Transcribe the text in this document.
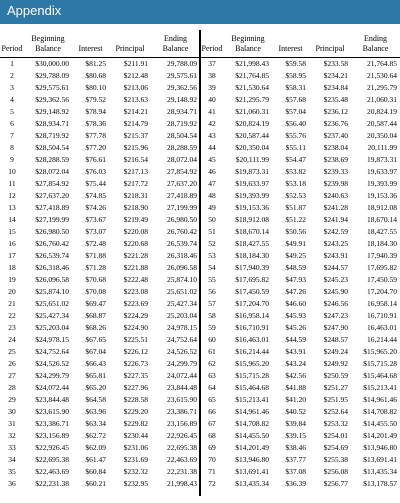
Appendix
Period	Beginning Balance	Interest	Principal	Ending Balance
1	$30,000.00	$81.25	$211.91	29,788.09
2	$29,788.09	$80.68	$212.48	29,575.61
3	$29,575.61	$80.10	$213.06	29,362.56
4	$29,362.56	$79.52	$213.63	29,148.92
5	$29,148.92	$78.94	$214.21	28,934.71
6	$28,934.71	$78.36	$214.79	28,719.92
7	$28,719.92	$77.78	$215.37	28,504.54
8	$28,504.54	$77.20	$215.96	28,288.59
9	$28,288.59	$76.61	$216.54	28,072.04
10	$28,072.04	$76.03	$217.13	27,854.92
11	$27,854.92	$75.44	$217.72	27,637.20
12	$27,637.20	$74.85	$218.31	27,418.89
13	$27,418.89	$74.26	$218.90	27,199.99
14	$27,199.99	$73.67	$219.49	26,980.50
15	$26,980.50	$73.07	$220.08	26,760.42
16	$26,760.42	$72.48	$220.68	26,539.74
17	$26,539.74	$71.88	$221.28	26,318.46
18	$26,318.46	$71.28	$221.88	26,096.58
19	$26,096.58	$70.68	$222.48	25,874.10
20	$25,874.10	$70.08	$223.08	25,651.02
21	$25,651.02	$69.47	$223.69	25,427.34
22	$25,427.34	$68.87	$224.29	25,203.04
23	$25,203.04	$68.26	$224.90	24,978.15
24	$24,978.15	$67.65	$225.51	24,752.64
25	$24,752.64	$67.04	$226.12	24,526.52
26	$24,526.52	$66.43	$226.73	24,299.79
27	$24,299.79	$65.81	$227.35	24,072.44
28	$24,072.44	$65.20	$227.96	23,844.48
29	$23,844.48	$64.58	$228.58	23,615.90
30	$23,615.90	$63.96	$229.20	23,386.71
31	$23,386.71	$63.34	$229.82	23,156.89
32	$23,156.89	$62.72	$230.44	22,926.45
33	$22,926.45	$62.09	$231.06	22,695.38
34	$22,695.38	$61.47	$231.69	22,463.69
35	$22,463.69	$60.84	$232.32	22,231.38
36	$22,231.38	$60.21	$232.95	21,998.43
Period	Beginning Balance	Interest	Principal	Ending Balance
37	$21,998.43	$59.58	$233.58	21,764.85
38	$21,764.85	$58.95	$234.21	21,530.64
39	$21,530.64	$58.31	$234.84	21,295.79
40	$21,295.79	$57.68	$235.48	21,060.31
41	$21,060.31	$57.04	$236.12	20,824.19
42	$20,824.19	$56.40	$236.76	20,587.44
43	$20,587.44	$55.76	$237.40	20,350.04
44	$20,350.04	$55.11	$238.04	20,111.99
45	$20,111.99	$54.47	$238.69	19,873.31
46	$19,873.31	$53.82	$239.33	19,633.97
47	$19,633.97	$53.18	$239.98	19,393.99
48	$19,393.99	$52.53	$240.63	19,153.36
49	$19,153.36	$51.87	$241.28	18,912.08
50	$18,912.08	$51.22	$241.94	18,670.14
51	$18,670.14	$50.56	$242.59	18,427.55
52	$18,427.55	$49.91	$243.25	18,184.30
53	$18,184.30	$49.25	$243.91	17,940.39
54	$17,940.39	$48.59	$244.57	17,695.82
55	$17,695.82	$47.93	$245.23	17,450.59
56	$17,450.59	$47.26	$245.90	17,204.70
57	$17,204.70	$46.60	$246.56	16,958.14
58	$16,958.14	$45.93	$247.23	16,710.91
59	$16,710.91	$45.26	$247.90	16,463.01
60	$16,463.01	$44.59	$248.57	16,214.44
61	$16,214.44	$43.91	$249.24	$15,965.20
62	$15,965.20	$43.24	$249.92	$15,715.28
63	$15,715.28	$42.56	$250.59	$15,464.68
64	$15,464.68	$41.88	$251.27	$15,213.41
65	$15,213.41	$41.20	$251.95	$14,961.46
66	$14,961.46	$40.52	$252.64	$14,708.82
67	$14,708.82	$39.84	$253.32	$14,455.50
68	$14,455.50	$39.15	$254.01	$14,201.49
69	$14,201.49	$38.46	$254.69	$13,946.80
70	$13,946.80	$37.77	$255.38	$13,691.41
71	$13,691.41	$37.08	$256.08	$13,435.34
72	$13,435.34	$36.39	$256.77	$13,178.57
